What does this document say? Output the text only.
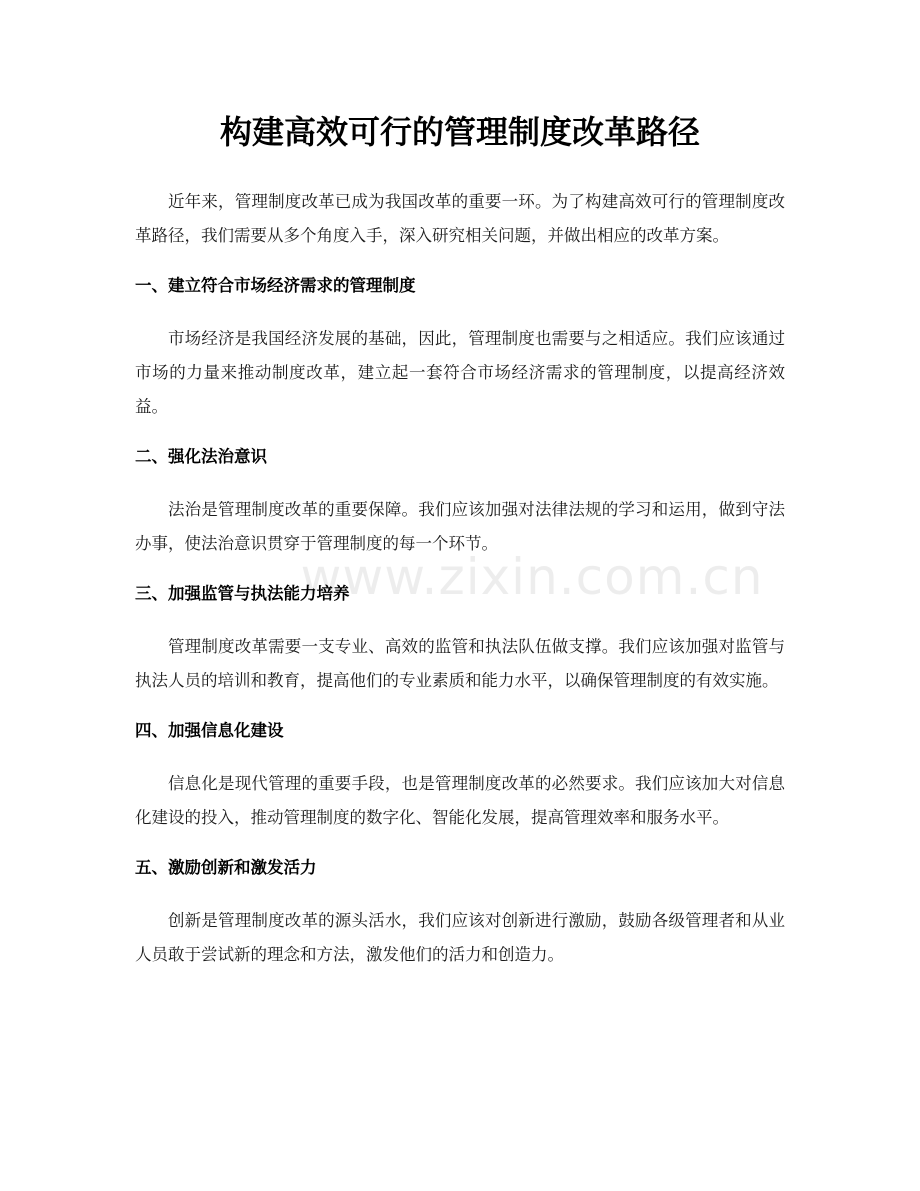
www.zixin.com.cn
构建高效可行的管理制度改革路径

近年来，管理制度改革已成为我国改革的重要一环。为了构建高效可行的管理制度改革路径，我们需要从多个角度入手，深入研究相关问题，并做出相应的改革方案。

一、建立符合市场经济需求的管理制度

市场经济是我国经济发展的基础，因此，管理制度也需要与之相适应。我们应该通过市场的力量来推动制度改革，建立起一套符合市场经济需求的管理制度，以提高经济效益。

二、强化法治意识

法治是管理制度改革的重要保障。我们应该加强对法律法规的学习和运用，做到守法办事，使法治意识贯穿于管理制度的每一个环节。

三、加强监管与执法能力培养

管理制度改革需要一支专业、高效的监管和执法队伍做支撑。我们应该加强对监管与执法人员的培训和教育，提高他们的专业素质和能力水平，以确保管理制度的有效实施。

四、加强信息化建设

信息化是现代管理的重要手段，也是管理制度改革的必然要求。我们应该加大对信息化建设的投入，推动管理制度的数字化、智能化发展，提高管理效率和服务水平。

五、激励创新和激发活力

创新是管理制度改革的源头活水，我们应该对创新进行激励，鼓励各级管理者和从业人员敢于尝试新的理念和方法，激发他们的活力和创造力。
